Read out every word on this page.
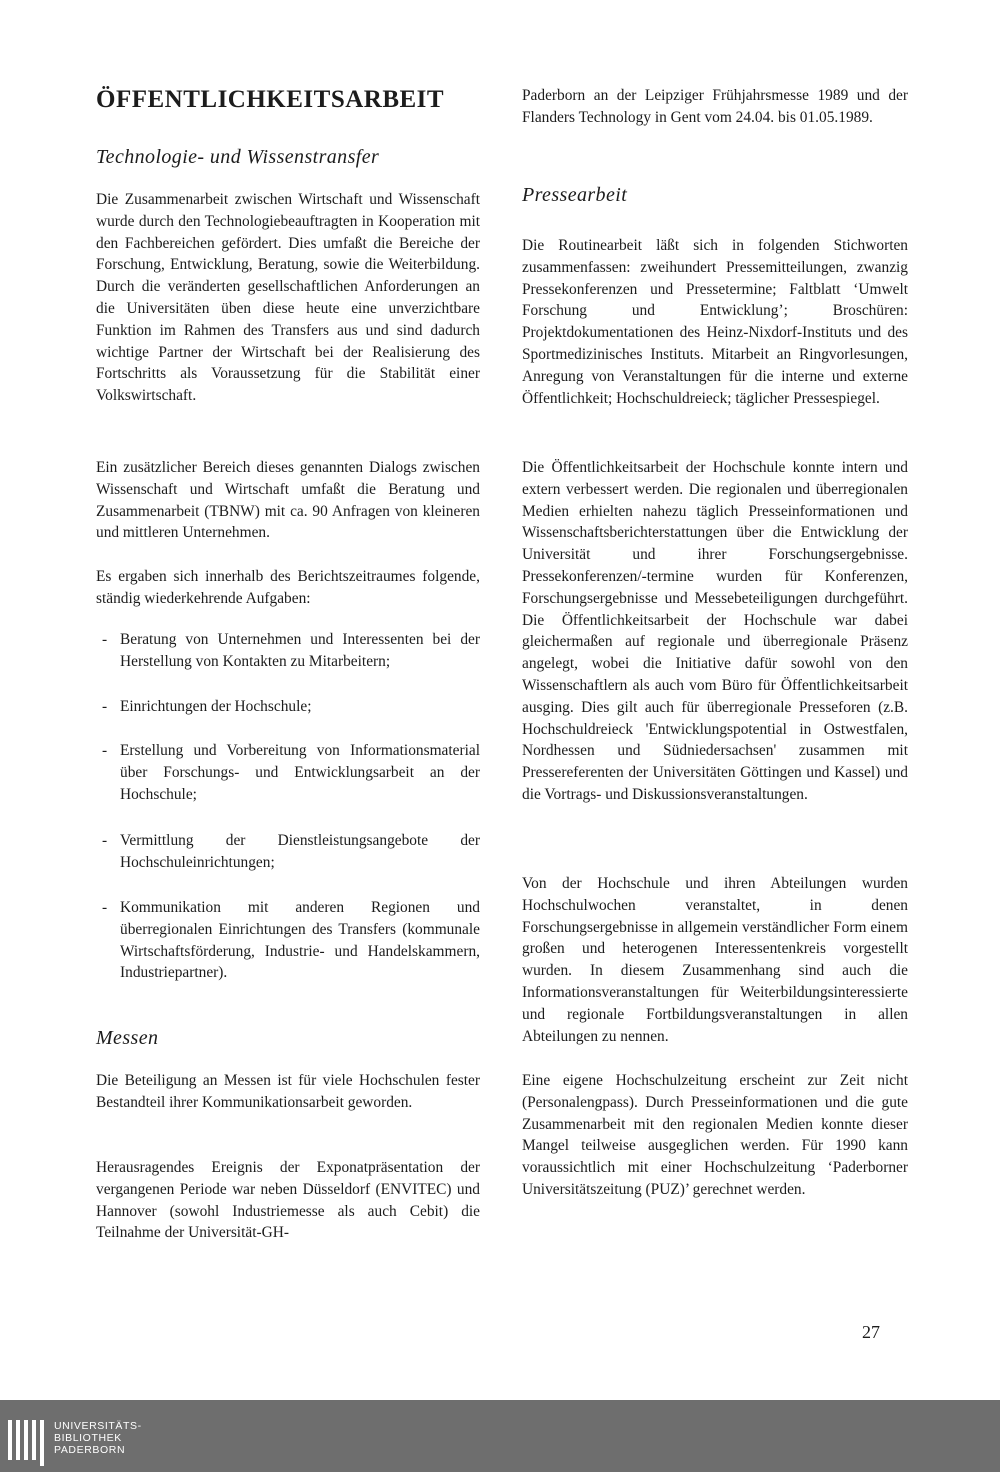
ÖFFENTLICHKEITSARBEIT
Technologie- und Wissenstransfer

Die Zusammenarbeit zwischen Wirtschaft und Wissenschaft wurde durch den Technologiebeauftragten in Kooperation mit den Fachbereichen gefördert. Dies umfaßt die Bereiche der Forschung, Entwicklung, Beratung, sowie die Weiterbildung. Durch die veränderten gesellschaftlichen Anforderungen an die Universitäten üben diese heute eine unverzichtbare Funktion im Rahmen des Transfers aus und sind dadurch wichtige Partner der Wirtschaft bei der Realisierung des Fortschritts als Voraussetzung für die Stabilität einer Volkswirtschaft.

Ein zusätzlicher Bereich dieses genannten Dialogs zwischen Wissenschaft und Wirtschaft umfaßt die Beratung und Zusammenarbeit (TBNW) mit ca. 90 Anfragen von kleineren und mittleren Unternehmen.

Es ergaben sich innerhalb des Berichtszeitraumes folgende, ständig wiederkehrende Aufgaben:

- Beratung von Unternehmen und Interessenten bei der Herstellung von Kontakten zu Mitarbeitern;
- Einrichtungen der Hochschule;
- Erstellung und Vorbereitung von Informationsmaterial über Forschungs- und Entwicklungsarbeit an der Hochschule;
- Vermittlung der Dienstleistungsangebote der Hochschuleinrichtungen;
- Kommunikation mit anderen Regionen und überregionalen Einrichtungen des Transfers (kommunale Wirtschaftsförderung, Industrie- und Handelskammern, Industriepartner).
Messen

Die Beteiligung an Messen ist für viele Hochschulen fester Bestandteil ihrer Kommunikationsarbeit geworden.

Herausragendes Ereignis der Exponatpräsentation der vergangenen Periode war neben Düsseldorf (ENVITEC) und Hannover (sowohl Industriemesse als auch Cebit) die Teilnahme der Universität-GH-

Paderborn an der Leipziger Frühjahrsmesse 1989 und der Flanders Technology in Gent vom 24.04. bis 01.05.1989.

Pressearbeit

Die Routinearbeit läßt sich in folgenden Stichworten zusammenfassen: zweihundert Pressemitteilungen, zwanzig Pressekonferenzen und Pressetermine; Faltblatt ‘Umwelt Forschung und Entwicklung’; Broschüren: Projektdokumentationen des Heinz-Nixdorf-Instituts und des Sportmedizinisches Instituts. Mitarbeit an Ringvorlesungen, Anregung von Veranstaltungen für die interne und externe Öffentlichkeit; Hochschuldreieck; täglicher Pressespiegel.

Die Öffentlichkeitsarbeit der Hochschule konnte intern und extern verbessert werden. Die regionalen und überregionalen Medien erhielten nahezu täglich Presseinformationen und Wissenschaftsberichterstattungen über die Entwicklung der Universität und ihrer Forschungsergebnisse. Pressekonferenzen/-termine wurden für Konferenzen, Forschungsergebnisse und Messebeteiligungen durchgeführt. Die Öffentlichkeitsarbeit der Hochschule war dabei gleichermaßen auf regionale und überregionale Präsenz angelegt, wobei die Initiative dafür sowohl von den Wissenschaftlern als auch vom Büro für Öffentlichkeitsarbeit ausging. Dies gilt auch für überregionale Presseforen (z.B. Hochschuldreieck 'Entwicklungspotential in Ostwestfalen, Nordhessen und Südniedersachsen' zusammen mit Pressereferenten der Universitäten Göttingen und Kassel) und die Vortrags- und Diskussionsveranstaltungen.

Von der Hochschule und ihren Abteilungen wurden Hochschulwochen veranstaltet, in denen Forschungsergebnisse in allgemein verständlicher Form einem großen und heterogenen Interessentenkreis vorgestellt wurden. In diesem Zusammenhang sind auch die Informationsveranstaltungen für Weiterbildungsinteressierte und regionale Fortbildungsveranstaltungen in allen Abteilungen zu nennen.

Eine eigene Hochschulzeitung erscheint zur Zeit nicht (Personalengpass). Durch Presseinformationen und die gute Zusammenarbeit mit den regionalen Medien konnte dieser Mangel teilweise ausgeglichen werden. Für 1990 kann voraussichtlich mit einer Hochschulzeitung ‘Paderborner Universitätszeitung (PUZ)’ gerechnet werden.

27

UNIVERSITÄTS-
BIBLIOTHEK
PADERBORN
